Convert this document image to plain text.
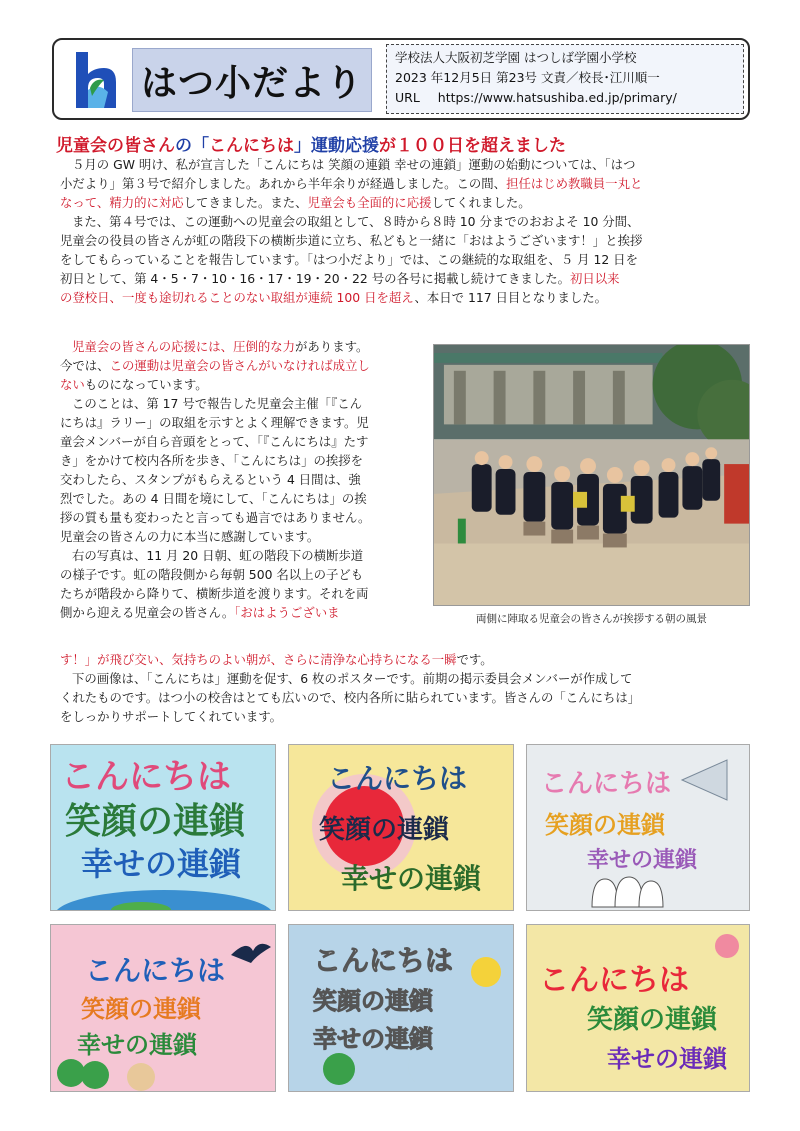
はつ小だより
学校法人大阪初芝学園 はつしば学園小学校
2023 年12月5日 第23号 文責／校長･江川順一
URL https://www.hatsushiba.ed.jp/primary/
児童会の皆さんの「こんにちは」運動応援が１００日を超えました
５月の GW 明け、私が宣言した「こんにちは 笑顔の連鎖 幸せの連鎖」運動の始動については、「はつ
小だより」第３号で紹介しました。あれから半年余りが経過しました。この間、担任はじめ教職員一丸と
なって、精力的に対応してきました。また、児童会も全面的に応援してくれました。
また、第４号では、この運動への児童会の取組として、８時から８時 10 分までのおおよそ 10 分間、
児童会の役員の皆さんが虹の階段下の横断歩道に立ち、私どもと一緒に「おはようございます！」と挨拶
をしてもらっていることを報告しています。「はつ小だより」では、この継続的な取組を、５ 月 12 日を
初日として、第 4・5・7・10・16・17・19・20・22 号の各号に掲載し続けてきました。初日以来
の登校日、一度も途切れることのない取組が連続 100 日を超え、本日で 117 日目となりました。
児童会の皆さんの応援には、圧倒的な力があります。
今では、この運動は児童会の皆さんがいなければ成立し
ないものになっています。
このことは、第 17 号で報告した児童会主催「『こん
にちは』ラリー」の取組を示すとよく理解できます。児
童会メンバーが自ら音頭をとって、「『こんにちは』たす
き」をかけて校内各所を歩き、「こんにちは」の挨拶を
交わしたら、スタンプがもらえるという 4 日間は、強
烈でした。あの 4 日間を境にして、「こんにちは」の挨
拶の質も量も変わったと言っても過言ではありません。
児童会の皆さんの力に本当に感謝しています。
右の写真は、11 月 20 日朝、虹の階段下の横断歩道
の様子です。虹の階段側から毎朝 500 名以上の子ども
たちが階段から降りて、横断歩道を渡ります。それを両
側から迎える児童会の皆さん。「おはようございま
す！」が飛び交い、気持ちのよい朝が、さらに清浄な心持ちになる一瞬です。
下の画像は、「こんにちは」運動を促す、6 枚のポスターです。前期の掲示委員会メンバーが作成して
くれたものです。はつ小の校舎はとても広いので、校内各所に貼られています。皆さんの「こんにちは」
をしっかりサポートしてくれています。
両側に陣取る児童会の皆さんが挨拶する朝の風景
こんにちは
笑顔の連鎖
幸せの連鎖
こんにちは
笑顔の連鎖
幸せの連鎖
こんにちは
笑顔の連鎖
幸せの連鎖
こんにちは
笑顔の連鎖
幸せの連鎖
こんにちは
笑顔の連鎖
幸せの連鎖
こんにちは
笑顔の連鎖
幸せの連鎖
